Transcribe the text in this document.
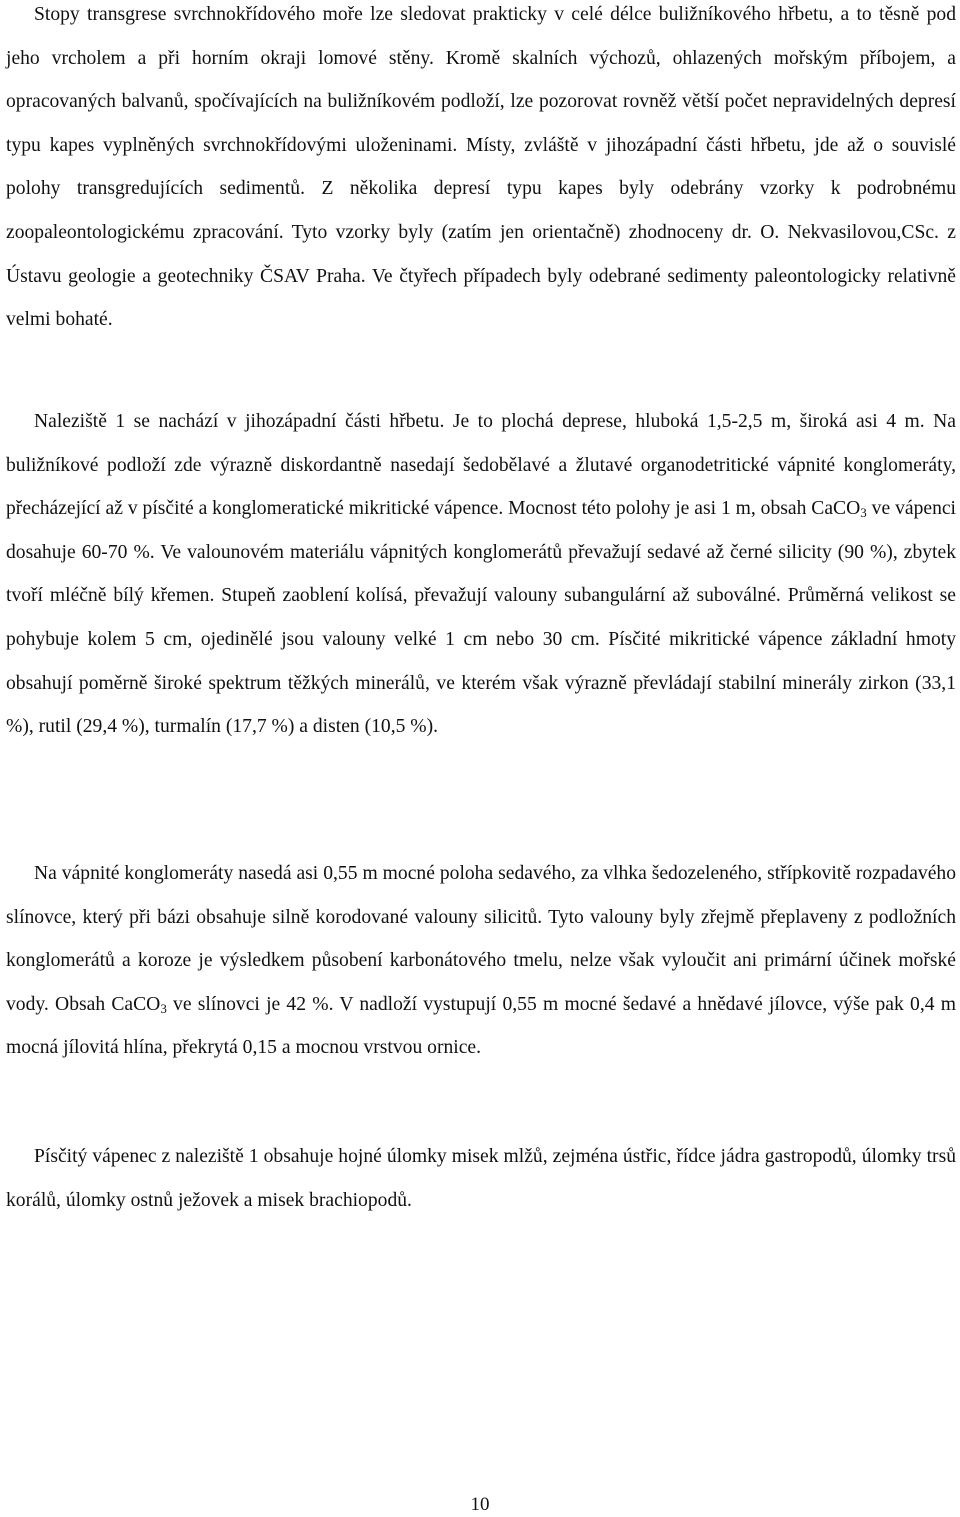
Stopy transgrese svrchnokřídového moře lze sledovat prakticky v celé délce buližníkového hřbetu, a to těsně pod jeho vrcholem a při horním okraji lomové stěny. Kromě skalních výchozů, ohlazených mořským příbojem, a opracovaných balvanů, spočívajících na buližníkovém podloží, lze pozorovat rovněž větší počet nepravidelných depresí typu kapes vyplněných svrchnokřídovými uloženinami. Místy, zvláště v jihozápadní části hřbetu, jde až o souvislé polohy transgredujících sedimentů. Z několika depresí typu kapes byly odebrány vzorky k podrobnému zoopaleontologickému zpracování. Tyto vzorky byly (zatím jen orientačně) zhodnoceny dr. O. Nekvasilovou,CSc. z Ústavu geologie a geotechniky ČSAV Praha. Ve čtyřech případech byly odebrané sedimenty paleontologicky relativně velmi bohaté.

Naleziště 1 se nachází v jihozápadní části hřbetu. Je to plochá deprese, hluboká 1,5-2,5 m, široká asi 4 m. Na buližníkové podloží zde výrazně diskordantně nasedají šedobělavé a žlutavé organodetritické vápnité konglomeráty, přecházející až v písčité a konglomeratické mikritické vápence. Mocnost této polohy je asi 1 m, obsah CaCO$_3$ ve vápenci dosahuje 60-70 %. Ve valounovém materiálu vápnitých konglomerátů převažují sedavé až černé silicity (90 %), zbytek tvoří mléčně bílý křemen. Stupeň zaoblení kolísá, převažují valouny subangulární až suboválné. Průměrná velikost se pohybuje kolem 5 cm, ojedinělé jsou valouny velké 1 cm nebo 30 cm. Písčité mikritické vápence základní hmoty obsahují poměrně široké spektrum těžkých minerálů, ve kterém však výrazně převládají stabilní minerály zirkon (33,1 %), rutil (29,4 %), turmalín (17,7 %) a disten (10,5 %).

Na vápnité konglomeráty nasedá asi 0,55 m mocné poloha sedavého, za vlhka šedozeleného, střípkovitě rozpadavého slínovce, který při bázi obsahuje silně korodované valouny silicitů. Tyto valouny byly zřejmě přeplaveny z podložních konglomerátů a koroze je výsledkem působení karbonátového tmelu, nelze však vyloučit ani primární účinek mořské vody. Obsah CaCO$_3$ ve slínovci je 42 %. V nadloží vystupují 0,55 m mocné šedavé a hnědavé jílovce, výše pak 0,4 m mocná jílovitá hlína, překrytá 0,15 a mocnou vrstvou ornice.

Písčitý vápenec z naleziště 1 obsahuje hojné úlomky misek mlžů, zejména ústřic, řídce jádra gastropodů, úlomky trsů korálů, úlomky ostnů ježovek a misek brachiopodů.

10
